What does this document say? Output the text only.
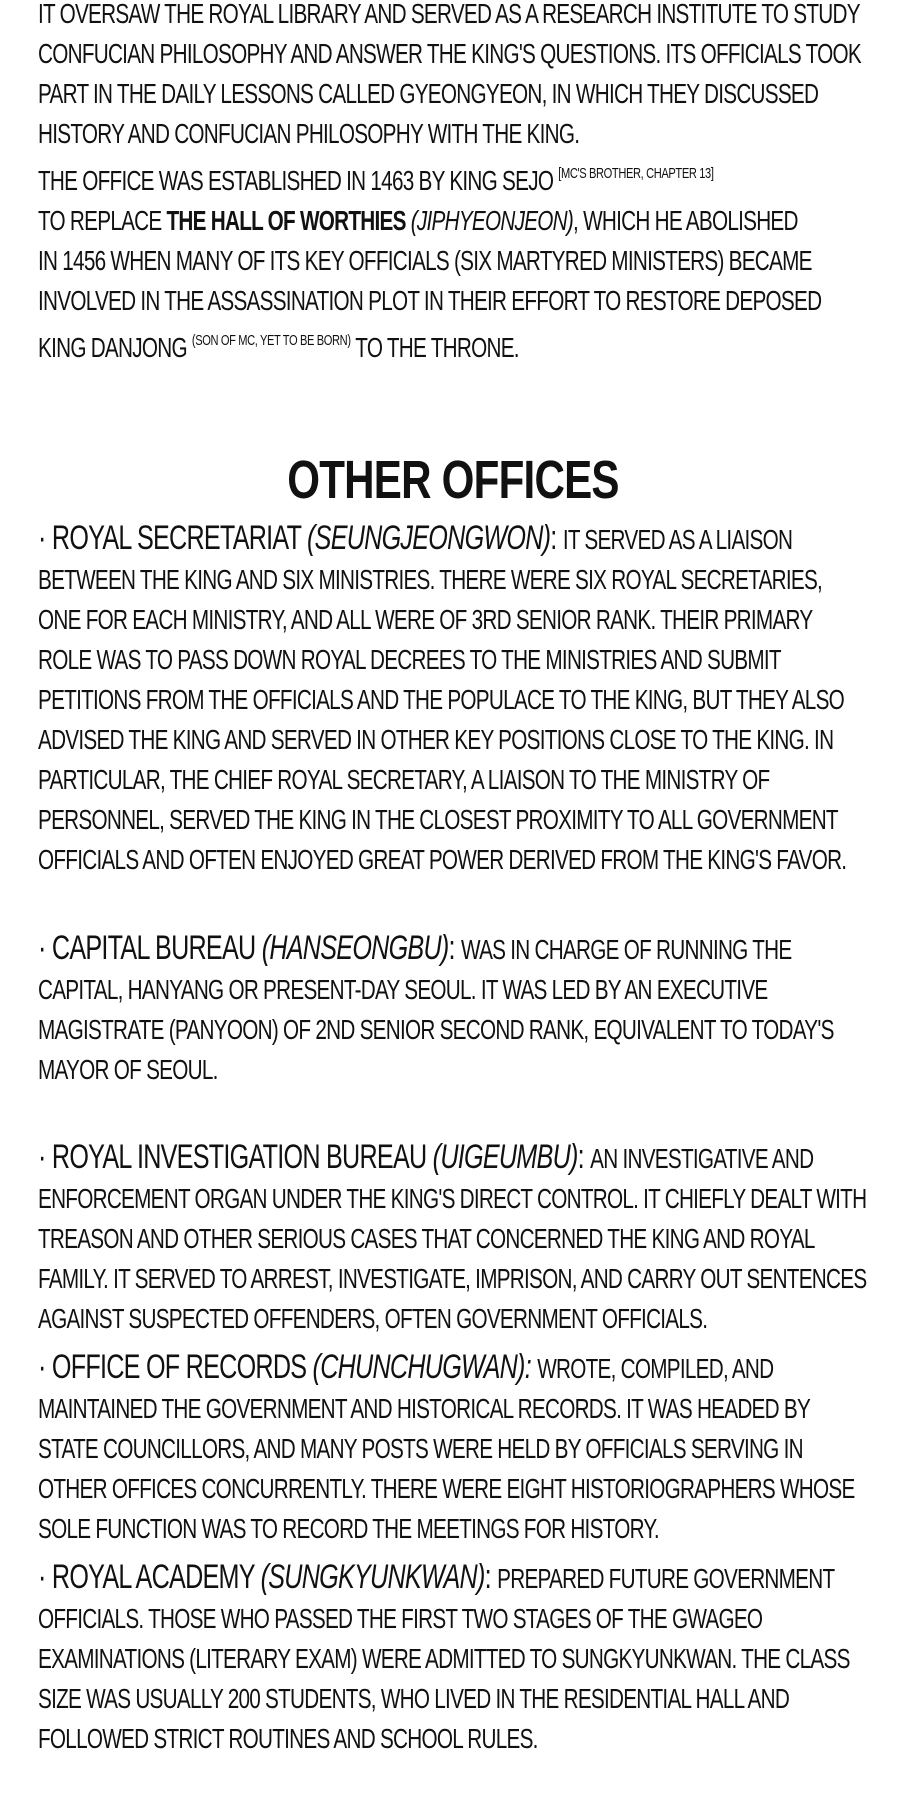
IT OVERSAW THE ROYAL LIBRARY AND SERVED AS A RESEARCH INSTITUTE TO STUDY

CONFUCIAN PHILOSOPHY AND ANSWER THE KING'S QUESTIONS. ITS OFFICIALS TOOK

PART IN THE DAILY LESSONS CALLED GYEONGYEON, IN WHICH THEY DISCUSSED

HISTORY AND CONFUCIAN PHILOSOPHY WITH THE KING.

THE OFFICE WAS ESTABLISHED IN 1463 BY KING SEJO [MC'S BROTHER, CHAPTER 13]

TO REPLACE THE HALL OF WORTHIES (JIPHYEONJEON), WHICH HE ABOLISHED

IN 1456 WHEN MANY OF ITS KEY OFFICIALS (SIX MARTYRED MINISTERS) BECAME

INVOLVED IN THE ASSASSINATION PLOT IN THEIR EFFORT TO RESTORE DEPOSED

KING DANJONG $^{(SON OF MC, YET TO BE BORN)}$ TO THE THRONE.

OTHER OFFICES

· ROYAL SECRETARIAT (SEUNGJEONGWON): IT SERVED AS A LIAISON

BETWEEN THE KING AND SIX MINISTRIES. THERE WERE SIX ROYAL SECRETARIES,

ONE FOR EACH MINISTRY, AND ALL WERE OF 3RD SENIOR RANK. THEIR PRIMARY

ROLE WAS TO PASS DOWN ROYAL DECREES TO THE MINISTRIES AND SUBMIT

PETITIONS FROM THE OFFICIALS AND THE POPULACE TO THE KING, BUT THEY ALSO

ADVISED THE KING AND SERVED IN OTHER KEY POSITIONS CLOSE TO THE KING. IN

PARTICULAR, THE CHIEF ROYAL SECRETARY, A LIAISON TO THE MINISTRY OF

PERSONNEL, SERVED THE KING IN THE CLOSEST PROXIMITY TO ALL GOVERNMENT

OFFICIALS AND OFTEN ENJOYED GREAT POWER DERIVED FROM THE KING'S FAVOR.

· CAPITAL BUREAU (HANSEONGBU): WAS IN CHARGE OF RUNNING THE

CAPITAL, HANYANG OR PRESENT-DAY SEOUL. IT WAS LED BY AN EXECUTIVE

MAGISTRATE (PANYOON) OF 2ND SENIOR SECOND RANK, EQUIVALENT TO TODAY'S

MAYOR OF SEOUL.

· ROYAL INVESTIGATION BUREAU (UIGEUMBU): AN INVESTIGATIVE AND

ENFORCEMENT ORGAN UNDER THE KING'S DIRECT CONTROL. IT CHIEFLY DEALT WITH

TREASON AND OTHER SERIOUS CASES THAT CONCERNED THE KING AND ROYAL

FAMILY. IT SERVED TO ARREST, INVESTIGATE, IMPRISON, AND CARRY OUT SENTENCES

AGAINST SUSPECTED OFFENDERS, OFTEN GOVERNMENT OFFICIALS.

· OFFICE OF RECORDS (CHUNCHUGWAN): WROTE, COMPILED, AND

MAINTAINED THE GOVERNMENT AND HISTORICAL RECORDS. IT WAS HEADED BY

STATE COUNCILLORS, AND MANY POSTS WERE HELD BY OFFICIALS SERVING IN

OTHER OFFICES CONCURRENTLY. THERE WERE EIGHT HISTORIOGRAPHERS WHOSE

SOLE FUNCTION WAS TO RECORD THE MEETINGS FOR HISTORY.

· ROYAL ACADEMY (SUNGKYUNKWAN): PREPARED FUTURE GOVERNMENT

OFFICIALS. THOSE WHO PASSED THE FIRST TWO STAGES OF THE GWAGEO

EXAMINATIONS (LITERARY EXAM) WERE ADMITTED TO SUNGKYUNKWAN. THE CLASS

SIZE WAS USUALLY 200 STUDENTS, WHO LIVED IN THE RESIDENTIAL HALL AND

FOLLOWED STRICT ROUTINES AND SCHOOL RULES.
